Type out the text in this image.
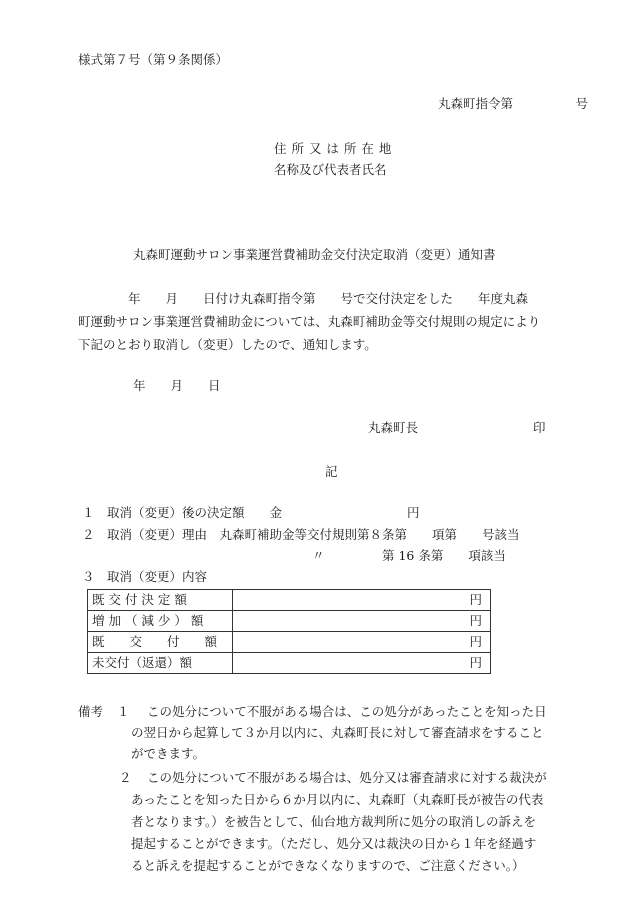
様式第７号（第９条関係）
丸森町指令第　　　　　号
住 所 又 は 所 在 地
名称及び代表者氏名
丸森町運動サロン事業運営費補助金交付決定取消（変更）通知書
　　　　年　　月　　日付け丸森町指令第　　号で交付決定をした　　年度丸森
町運動サロン事業運営費補助金については、丸森町補助金等交付規則の規定により
下記のとおり取消し（変更）したので、通知します。
年　　月　　日
丸森町長	印
記
１　取消（変更）後の決定額　　金　　　　　　　　　　円
２　取消（変更）理由　丸森町補助金等交付規則第８条第　　項第　　号該当
〃	第 16 条第　　項該当
３　取消（変更）内容
既 交 付 決 定 額	円
増 加 （ 減 少 ） 額	円
既　　交　　付　　額	円
未交付（返還）額	円
備考 １ この処分について不服がある場合は、この処分があったことを知った日
の翌日から起算して３か月以内に、丸森町長に対して審査請求をすること
ができます。
２ この処分について不服がある場合は、処分又は審査請求に対する裁決が
あったことを知った日から６か月以内に、丸森町（丸森町長が被告の代表
者となります。）を被告として、仙台地方裁判所に処分の取消しの訴えを
提起することができます。（ただし、処分又は裁決の日から１年を経過す
ると訴えを提起することができなくなりますので、ご注意ください。）
